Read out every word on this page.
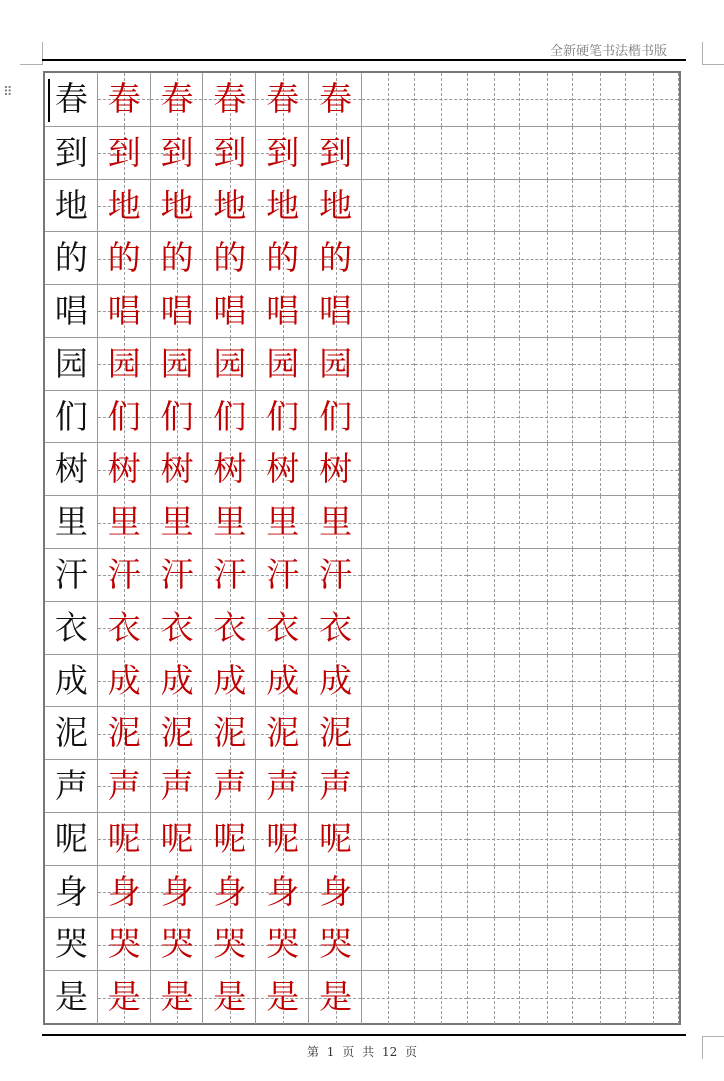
⠿
全新硬笔书法楷书版
春 春 春 春 春 春
到 到 到 到 到 到
地 地 地 地 地 地
的 的 的 的 的 的
唱 唱 唱 唱 唱 唱
园 园 园 园 园 园
们 们 们 们 们 们
树 树 树 树 树 树
里 里 里 里 里 里
汗 汗 汗 汗 汗 汗
衣 衣 衣 衣 衣 衣
成 成 成 成 成 成
泥 泥 泥 泥 泥 泥
声 声 声 声 声 声
呢 呢 呢 呢 呢 呢
身 身 身 身 身 身
哭 哭 哭 哭 哭 哭
是 是 是 是 是 是
第 1 页 共 12 页
